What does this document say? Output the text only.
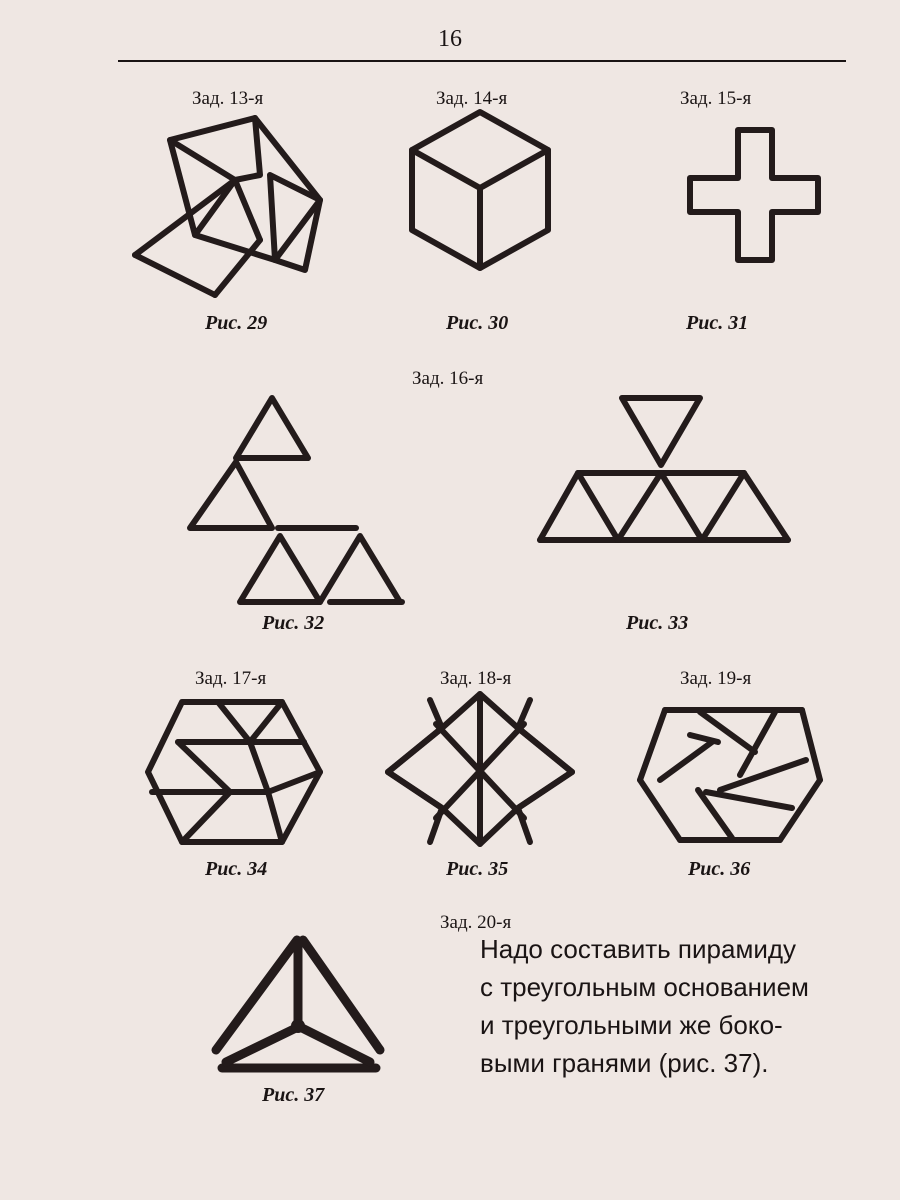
16
Зад. 13-я	Зад. 14-я	Зад. 15-я
Рис. 29	Рис. 30	Рис. 31
Зад. 16-я
Рис. 32	Рис. 33
Зад. 17-я	Зад. 18-я	Зад. 19-я
Рис. 34	Рис. 35	Рис. 36
Зад. 20-я
Рис. 37
Надо составить пирамиду
с треугольным основанием
и треугольными же боко-
выми гранями (рис. 37).
